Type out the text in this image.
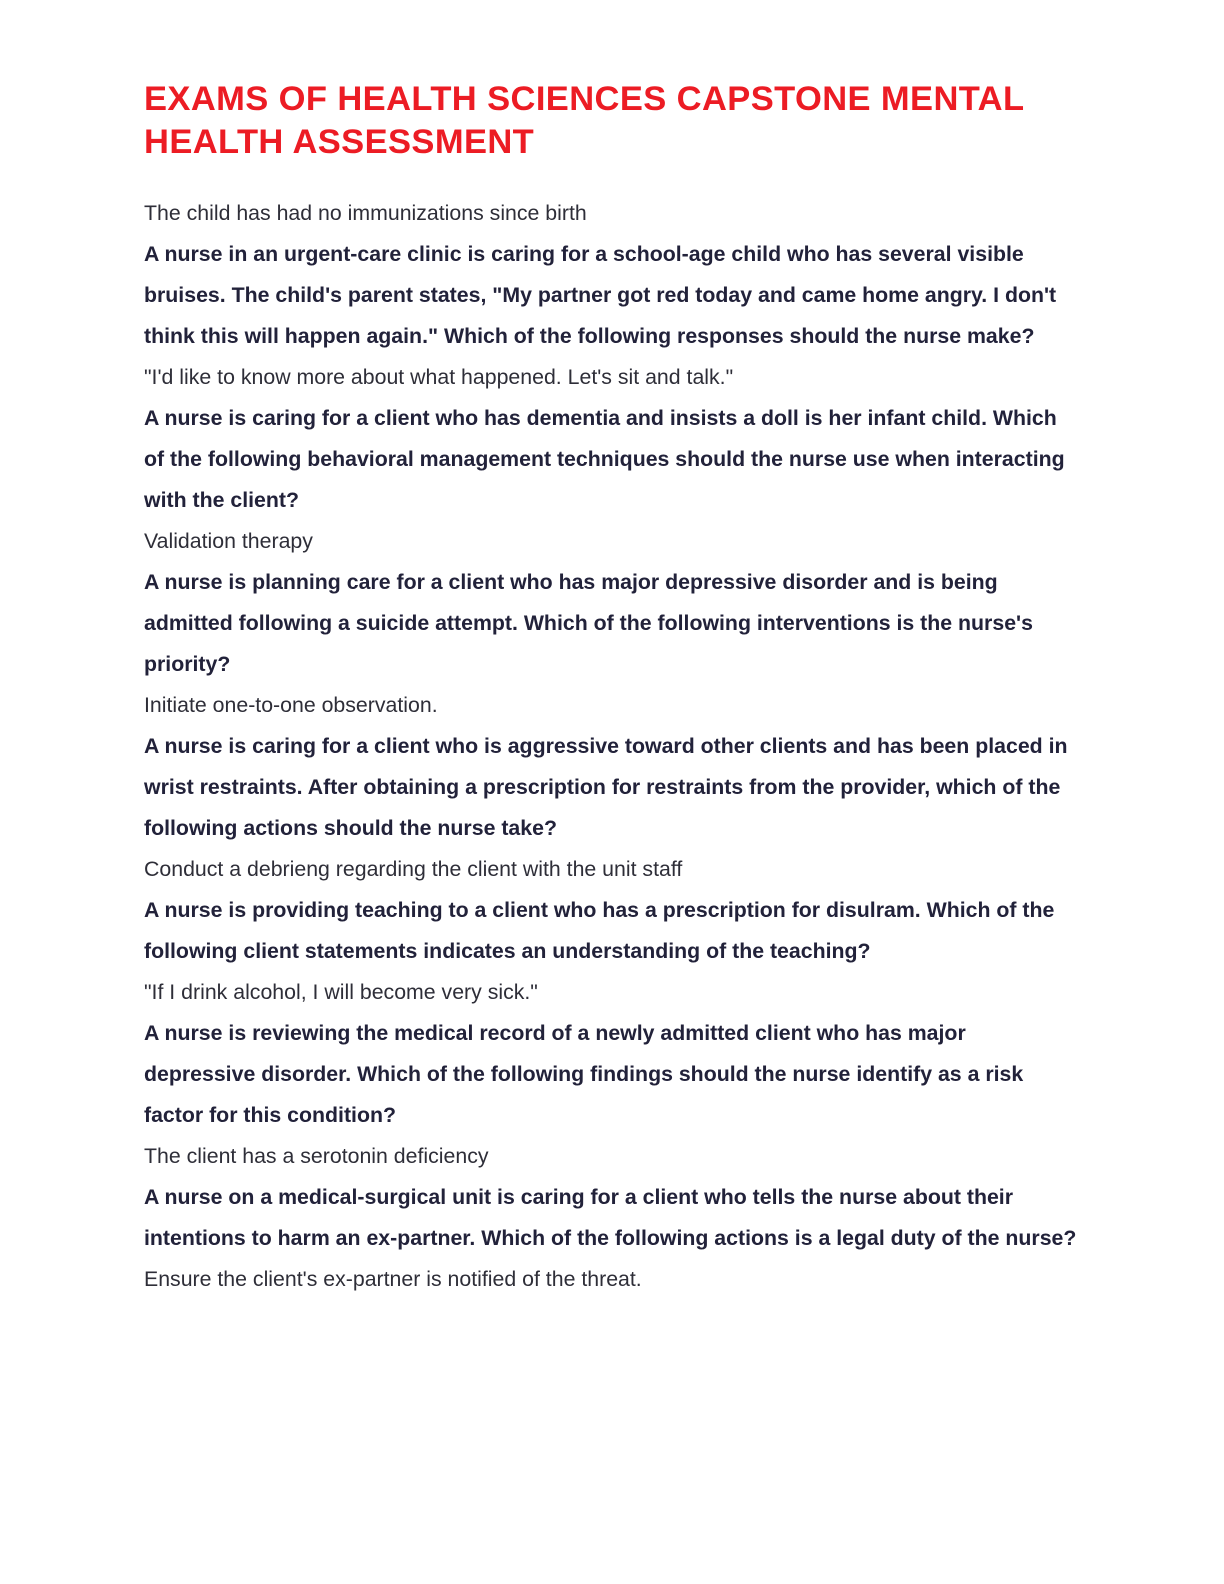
EXAMS OF HEALTH SCIENCES CAPSTONE MENTAL HEALTH ASSESSMENT

The child has had no immunizations since birth

A nurse in an urgent-care clinic is caring for a school-age child who has several visible bruises. The child's parent states, "My partner got red today and came home angry. I don't think this will happen again." Which of the following responses should the nurse make?

"I'd like to know more about what happened. Let's sit and talk."

A nurse is caring for a client who has dementia and insists a doll is her infant child. Which of the following behavioral management techniques should the nurse use when interacting with the client?

Validation therapy

A nurse is planning care for a client who has major depressive disorder and is being admitted following a suicide attempt. Which of the following interventions is the nurse's priority?

Initiate one-to-one observation.

A nurse is caring for a client who is aggressive toward other clients and has been placed in wrist restraints. After obtaining a prescription for restraints from the provider, which of the following actions should the nurse take?

Conduct a debrieng regarding the client with the unit staff

A nurse is providing teaching to a client who has a prescription for disulram. Which of the following client statements indicates an understanding of the teaching?

"If I drink alcohol, I will become very sick."

A nurse is reviewing the medical record of a newly admitted client who has major depressive disorder. Which of the following findings should the nurse identify as a risk factor for this condition?

The client has a serotonin deficiency

A nurse on a medical-surgical unit is caring for a client who tells the nurse about their intentions to harm an ex-partner. Which of the following actions is a legal duty of the nurse?

Ensure the client's ex-partner is notified of the threat.
